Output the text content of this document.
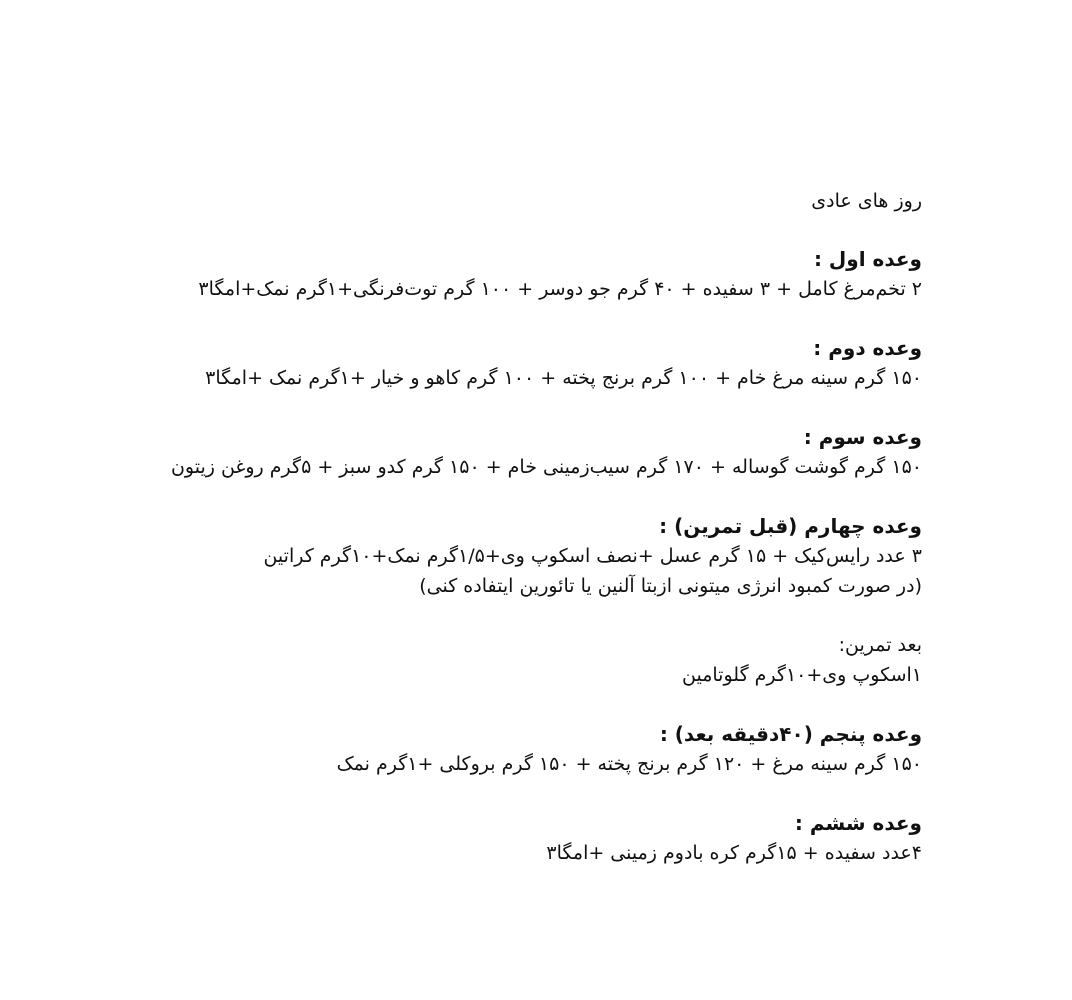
روز های عادی
وعده اول :
۲ تخم‌مرغ کامل + ۳ سفیده + ۴۰ گرم جو دوسر + ۱۰۰ گرم توت‌فرنگی+۱گرم نمک+امگا۳
وعده دوم :
۱۵۰ گرم سینه مرغ خام + ۱۰۰ گرم برنج پخته + ۱۰۰ گرم کاهو و خیار +۱گرم نمک +امگا۳
وعده سوم :
۱۵۰ گرم گوشت گوساله + ۱۷۰ گرم سیب‌زمینی خام + ۱۵۰ گرم کدو سبز + ۵گرم روغن زیتون
وعده چهارم (قبل تمرین) :
۳ عدد رایس‌کیک + ۱۵ گرم عسل +نصف اسکوپ وی+۱/۵گرم نمک+۱۰گرم کراتین
(در صورت کمبود انرژی میتونی ازبتا آلنین یا تائورین ایتفاده کنی)
بعد تمرین:
۱اسکوپ وی+۱۰گرم گلوتامین
وعده پنجم (۴۰دقیقه بعد) :
۱۵۰ گرم سینه مرغ + ۱۲۰ گرم برنج پخته + ۱۵۰ گرم بروکلی +۱گرم نمک
وعده ششم :
۴عدد سفیده + ۱۵گرم کره بادوم زمینی +امگا۳
